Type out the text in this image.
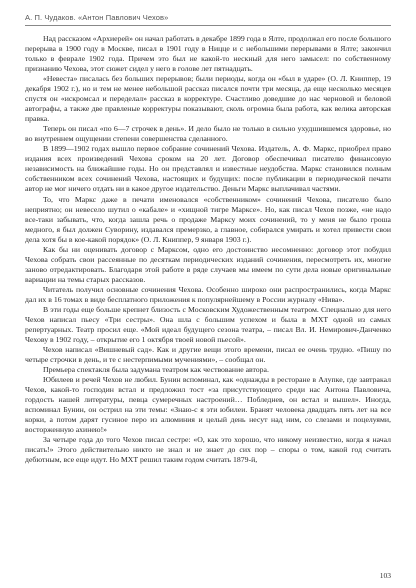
А. П. Чудаков. «Антон Павлович Чехов»

Над рассказом «Архиерей» он начал работать в декабре 1899 года в Ялте, продолжал его после большого перерыва в 1900 году в Москве, писал в 1901 году в Ницце и с небольшими перерывами в Ялте; закончил только в феврале 1902 года. Причем это был не какой-то нескный для него замысел: по собственному признанию Чехова, этот сюжет сидел у него в голове лет пятнадцать.

«Невеста» писалась без больших перерывов; были периоды, когда он «был в ударе» (О. Л. Книппер, 19 декабря 1902 г.), но и тем не менее небольшой рассказ писался почти три месяца, да еще несколько месяцев спустя он «искромсал и переделал» рассказ в корректуре. Счастливо доведшие до нас черновой и беловой автографы, а также две правленые корректуры показывают, сколь огромна была работа, как велика авторская правка.

Теперь он писал «по 6—7 строчек в день». И дело было не только в сильно ухудшившемся здоровье, но во внутреннем ощущении степени совершенства сделанного.

В 1899—1902 годах вышло первое собрание сочинений Чехова. Издатель, А. Ф. Маркс, приобрел право издания всех произведений Чехова сроком на 20 лет. Договор обеспечивал писателю финансовую независимость на ближайшие годы. Но он представлял и известные неудобства. Маркс становился полным собственником всех сочинений Чехова, настоящих и будущих: после публикации в периодической печати автор не мог ничего отдать ни в какое другое издательство. Деньги Маркс выплачивал частями.

То, что Маркс даже в печати именовался «собственником» сочинений Чехова, писателю было неприятно; он невесело шутил о «кабале» и «хищной тигре Марксе». Но, как писал Чехов позже, «не надо все-таки забывать, что, когда зашла речь о продаже Марксу моих сочинений, то у меня не было гроша медного, я был должен Суворину, издавался премерзко, а главное, собирался умирать и хотел привести свои дела хотя бы в кое-какой порядок» (О. Л. Книппер, 9 января 1903 г.).

Как бы ни оценивать договор с Марксом, одно его достоинство несомненно: договор этот побудил Чехова собрать свои рассеянные по десяткам периодических изданий сочинения, пересмотреть их, многие заново отредактировать. Благодаря этой работе в ряде случаев мы имеем по сути дела новые оригинальные вариации на темы старых рассказов.

Читатель получил основные сочинения Чехова. Особенно широко они распространились, когда Маркс дал их в 16 томах в виде бесплатного приложения к популярнейшему в России журналу «Нива».

В эти годы еще больше крепнет близость с Московским Художественным театром. Специально для него Чехов написал пьесу «Три сестры». Она шла с большим успехом и была в МХТ одной из самых репертуарных. Театр просил еще. «Мой идеал будущего сезона театра, – писал Вл. И. Немирович-Данченко Чехову в 1902 году, – открытие его 1 октября твоей новой пьесой».

Чехов написал «Вишневый сад». Как и другие вещи этого времени, писал ее очень трудно. «Пишу по четыре строчки в день, и те с нестерпимыми мучениями», – сообщал он.

Премьера спектакля была задумана театром как чествование автора.

Юбилеев и речей Чехов не любил. Бунин вспоминал, как «однажды в ресторане в Алупке, где завтракал Чехов, какой-то господин встал и предложил тост «за присутствующего среди нас Антона Павловича, гордость нашей литературы, певца сумеречных настроений… Побледнев, он встал и вышел». Иногда, вспоминал Бунин, он острил на эти темы: «Знаю-с я эти юбилеи. Бранят человека двадцать пять лет на все корки, а потом дарят гусиное перо из алюминия и целый день несут над ним, со слезами и поцелуями, восторженную ахинею!»

За четыре года до того Чехов писал сестре: «О, как это хорошо, что никому неизвестно, когда я начал писать!» Этого действительно никто не знал и не знает до сих пор – споры о том, какой год считать дебютным, все еще идут. Но МХТ решил таким годом считать 1879-й,

103
